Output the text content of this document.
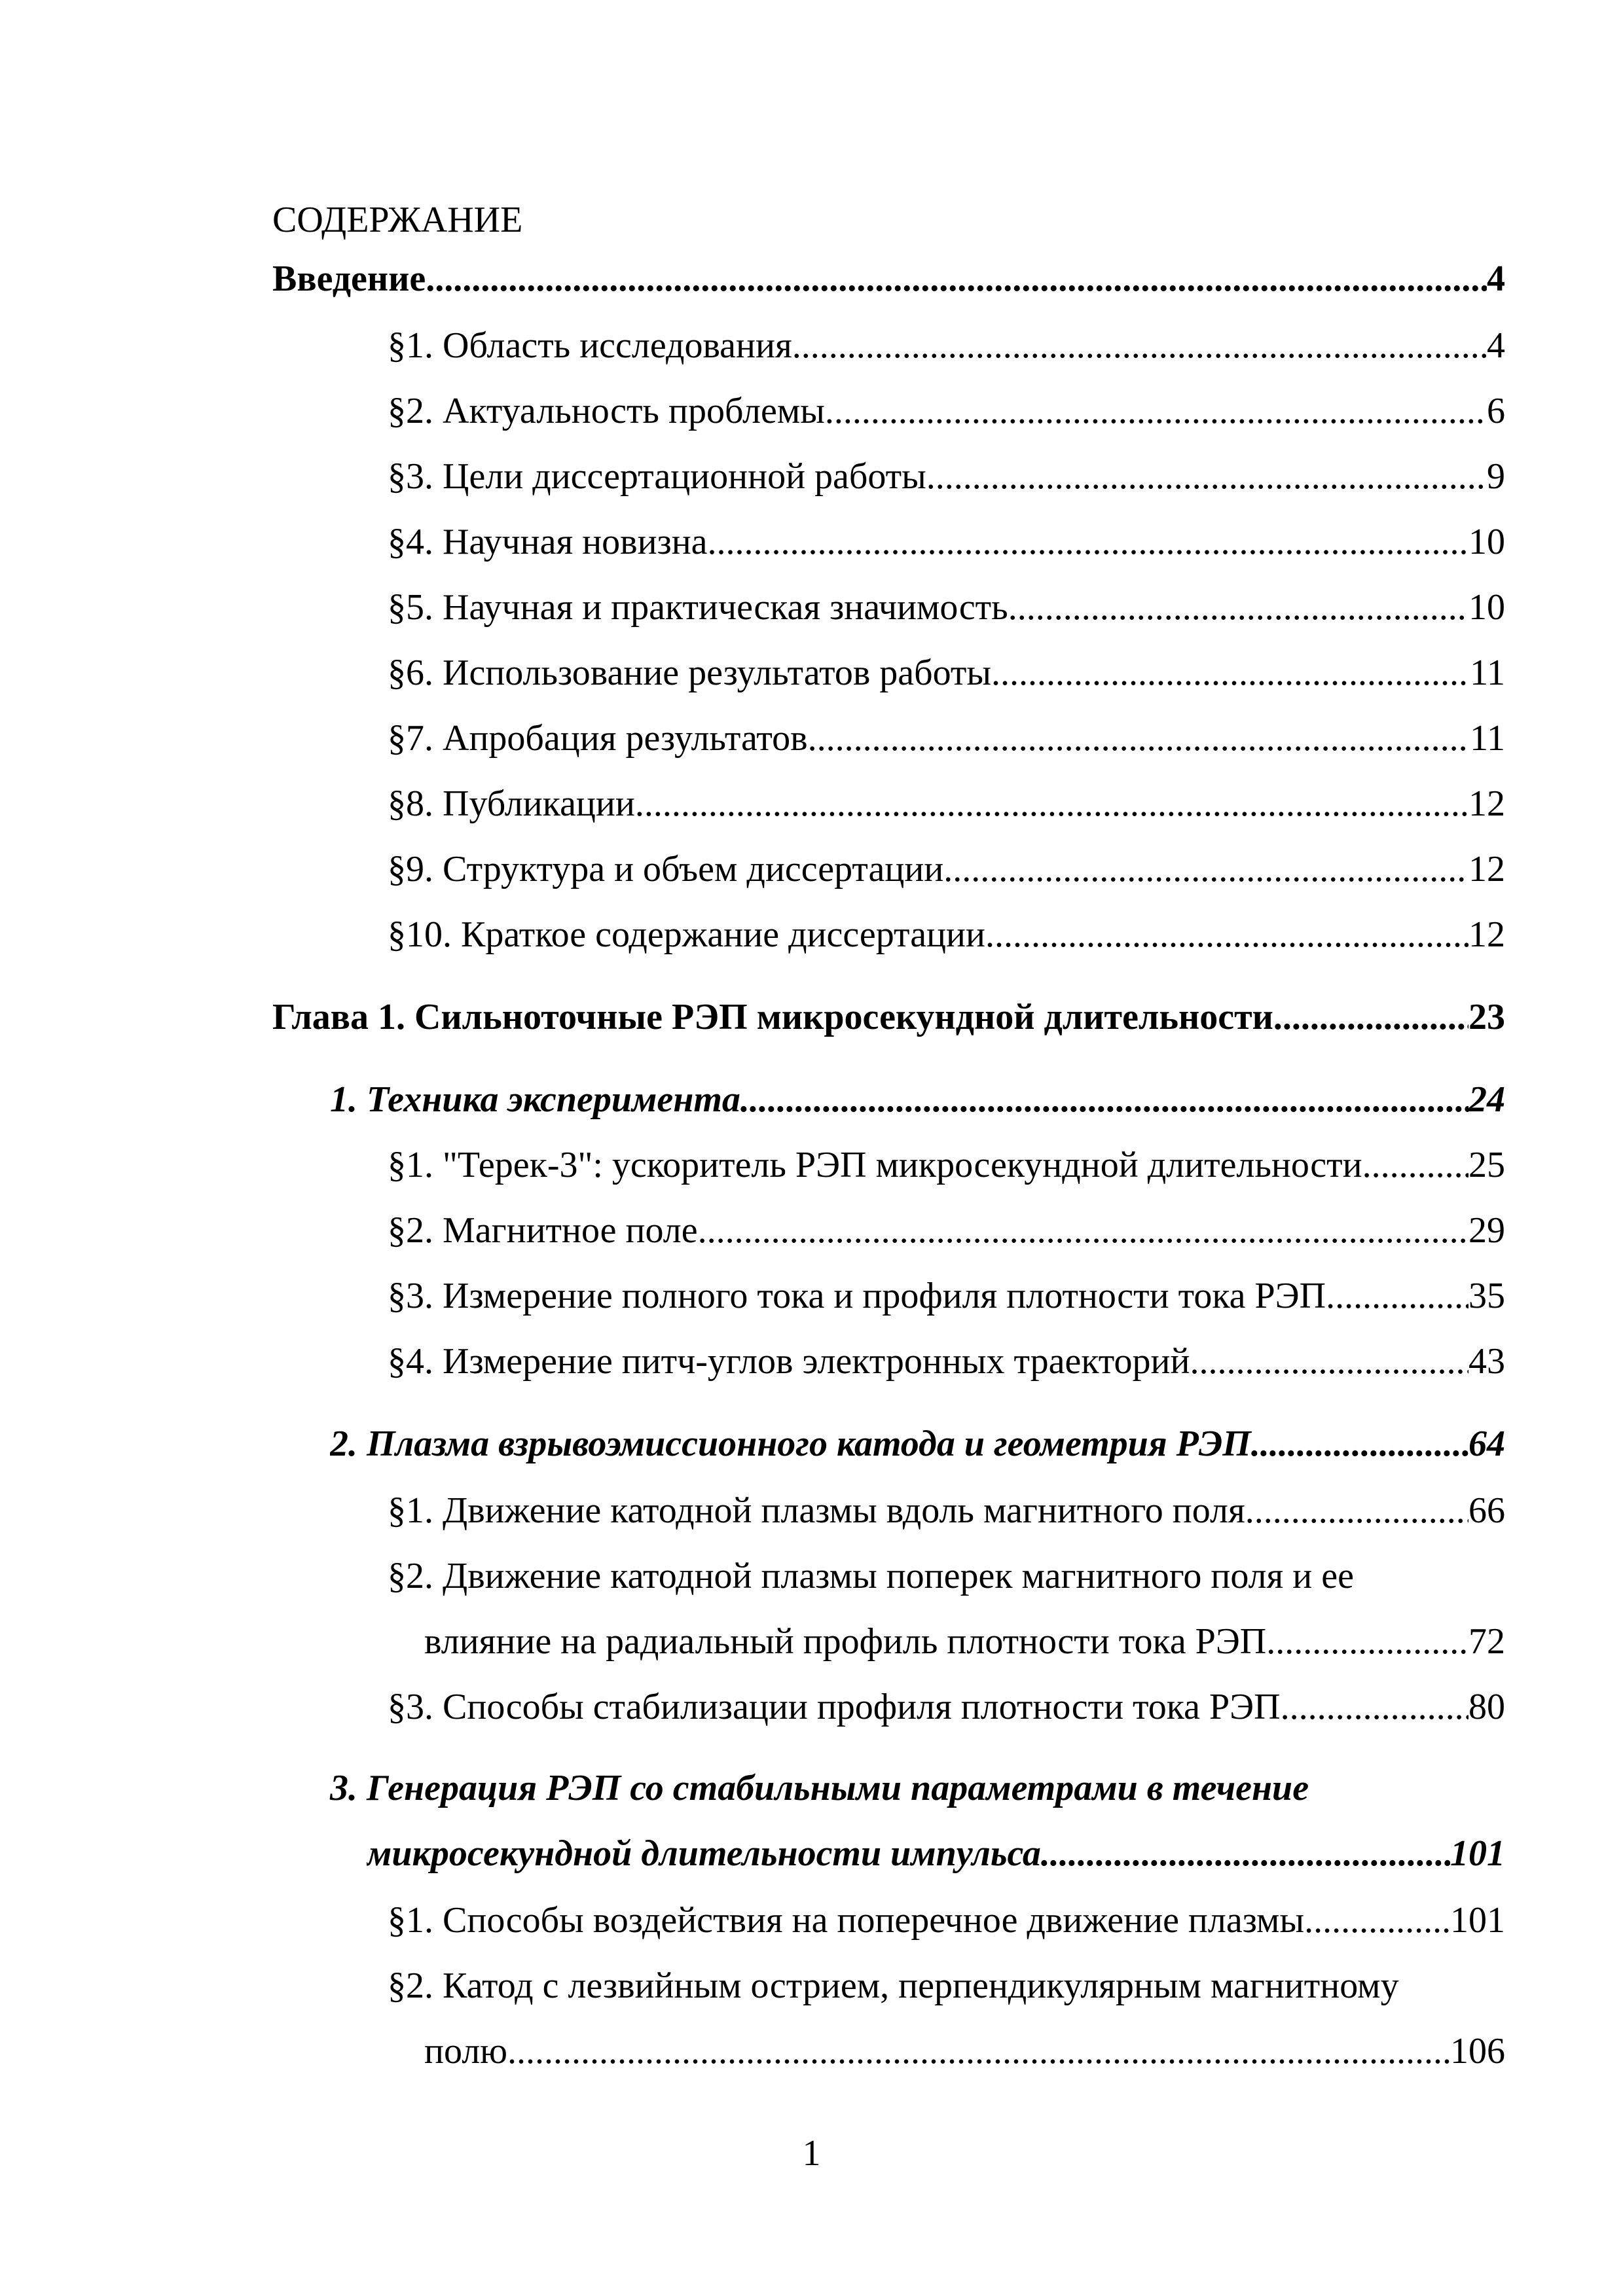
СОДЕРЖАНИЕ
Введение . . .	4
§1. Область исследования . . .	4
§2. Актуальность проблемы . . .	6
§3. Цели диссертационной работы . . .	9
§4. Научная новизна . . .	10
§5. Научная и практическая значимость . . .	10
§6. Использование результатов работы . . .	11
§7. Апробация результатов . . .	11
§8. Публикации . . .	12
§9. Структура и объем диссертации . . .	12
§10. Краткое содержание диссертации . . .	12
Глава 1. Сильноточные РЭП микросекундной длительности . . .	23
1. Техника эксперимента . . .	24
§1. "Терек-3": ускоритель РЭП микросекундной длительности. . . .	25
§2. Магнитное поле. . . .	29
§3. Измерение полного тока и профиля плотности тока РЭП . . .	35
§4. Измерение питч-углов электронных траекторий . . .	43
2. Плазма взрывоэмиссионного катода и геометрия РЭП . . .	64
§1. Движение катодной плазмы вдоль магнитного поля . . .	66
§2. Движение катодной плазмы поперек магнитного поля и ее
влияние на радиальный профиль плотности тока РЭП . . .	72
§3. Способы стабилизации профиля плотности тока РЭП . . .	80
3. Генерация РЭП со стабильными параметрами в течение
микросекундной длительности импульса . . .	101
§1. Способы воздействия на поперечное движение плазмы . . .	101
§2. Катод с лезвийным острием, перпендикулярным магнитному
полю . . .	106
1
